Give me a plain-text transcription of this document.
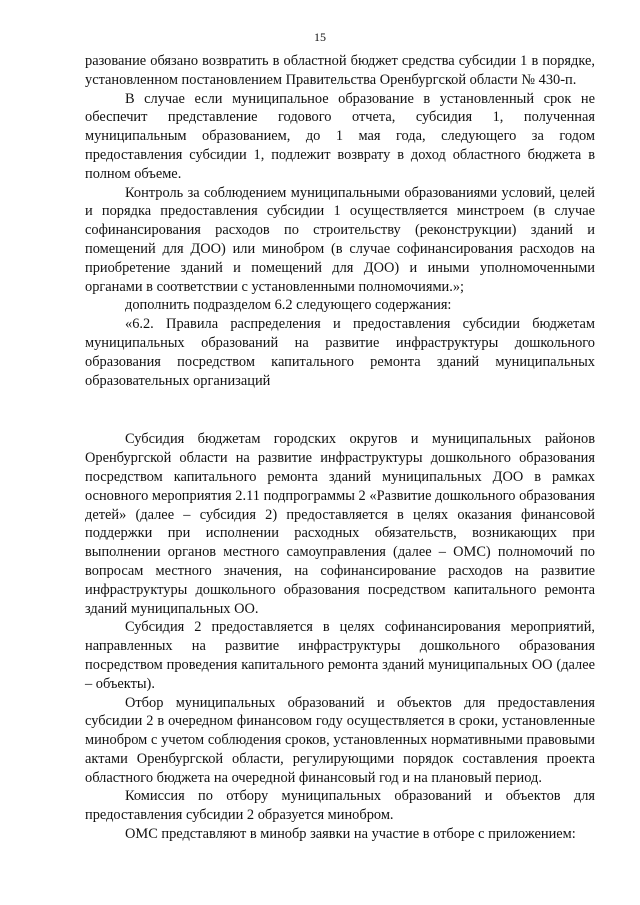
15

разование обязано возвратить в областной бюджет средства субсидии 1 в порядке, установленном постановлением Правительства Оренбургской области № 430-п.

В случае если муниципальное образование в установленный срок не обеспечит представление годового отчета, субсидия 1, полученная муниципальным образованием, до 1 мая года, следующего за годом предоставления субсидии 1, подлежит возврату в доход областного бюджета в полном объеме.

Контроль за соблюдением муниципальными образованиями условий, целей и порядка предоставления субсидии 1 осуществляется минстроем (в случае софинансирования расходов по строительству (реконструкции) зданий и помещений для ДОО) или минобром (в случае софинансирования расходов на приобретение зданий и помещений для ДОО) и иными уполномоченными органами в соответствии с установленными полномочиями.»;

дополнить подразделом 6.2 следующего содержания:

«6.2. Правила распределения и предоставления субсидии бюджетам муниципальных образований на развитие инфраструктуры дошкольного образования посредством капитального ремонта зданий муниципальных образовательных организаций

Субсидия бюджетам городских округов и муниципальных районов Оренбургской области на развитие инфраструктуры дошкольного образования посредством капитального ремонта зданий муниципальных ДОО в рамках основного мероприятия 2.11 подпрограммы 2 «Развитие дошкольного образования детей» (далее – субсидия 2) предоставляется в целях оказания финансовой поддержки при исполнении расходных обязательств, возникающих при выполнении органов местного самоуправления (далее – ОМС) полномочий по вопросам местного значения, на софинансирование расходов на развитие инфраструктуры дошкольного образования посредством капитального ремонта зданий муниципальных ОО.

Субсидия 2 предоставляется в целях софинансирования мероприятий, направленных на развитие инфраструктуры дошкольного образования посредством проведения капитального ремонта зданий муниципальных ОО (далее – объекты).

Отбор муниципальных образований и объектов для предоставления субсидии 2 в очередном финансовом году осуществляется в сроки, установленные минобром с учетом соблюдения сроков, установленных нормативными правовыми актами Оренбургской области, регулирующими порядок составления проекта областного бюджета на очередной финансовый год и на плановый период.

Комиссия по отбору муниципальных образований и объектов для предоставления субсидии 2 образуется минобром.

ОМС представляют в минобр заявки на участие в отборе с приложением:
